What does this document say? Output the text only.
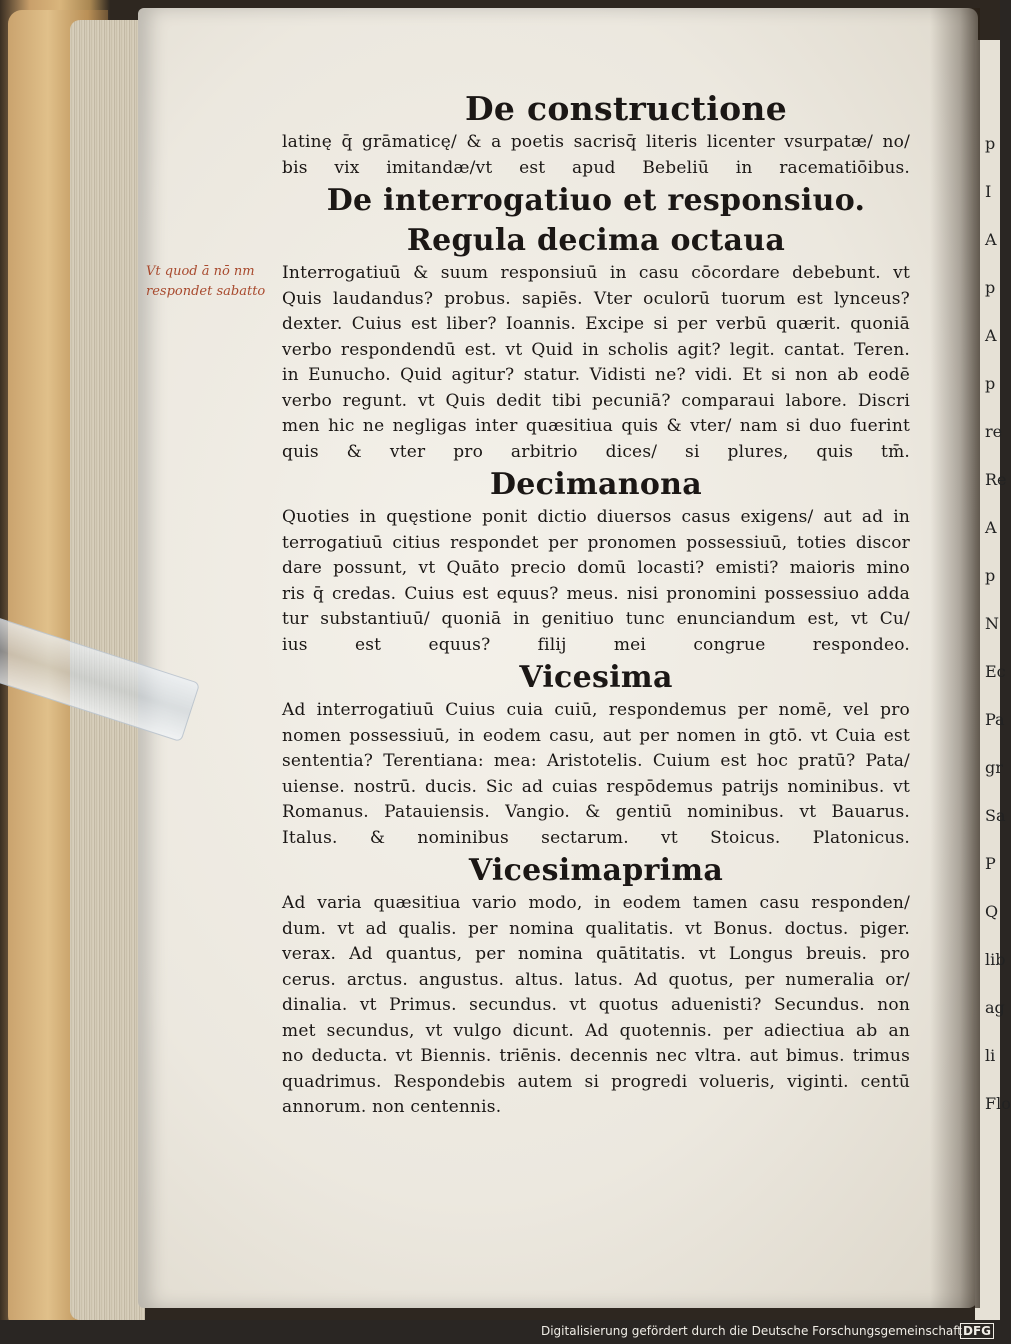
p
I
A
p
A
p
re
Re
A
p
N
Ec
Pa
gr
Sa
P
Q
lib
ag
li
Flo
Vt quod ā nō nm
respondet sabatto
De constructione

latinę q̄ grāmaticę/ & a poetis sacrisq̄ literis licenter vsurpatæ/ no/
bis vix imitandæ/vt est apud Bebeliū in racematiōibus.

De interrogatiuo et responsiuo.
Regula decima octaua

Interrogatiuū & suum responsiuū in casu cōcordare debebunt. vt
Quis laudandus? probus. sapiēs. Vter oculorū tuorum est lynceus?
dexter. Cuius est liber? Ioannis. Excipe si per verbū quærit. quoniā
verbo respondendū est. vt Quid in scholis agit? legit. cantat. Teren.
in Eunucho. Quid agitur? statur. Vidisti ne? vidi. Et si non ab eodē
verbo regunt. vt Quis dedit tibi pecuniā? comparaui labore. Discri
men hic ne negligas inter quæsitiua quis & vter/ nam si duo fuerint
quis & vter pro arbitrio dices/ si plures, quis tm̄.

Decimanona

Quoties in quęstione ponit dictio diuersos casus exigens/ aut ad in
terrogatiuū citius respondet per pronomen possessiuū, toties discor
dare possunt, vt Quāto precio domū locasti? emisti? maioris mino
ris q̄ credas. Cuius est equus? meus. nisi pronomini possessiuo adda
tur substantiuū/ quoniā in genitiuo tunc enunciandum est, vt Cu/
ius est equus? filij mei congrue respondeo.

Vicesima

Ad interrogatiuū Cuius cuia cuiū, respondemus per nomē, vel pro
nomen possessiuū, in eodem casu, aut per nomen in gtō. vt Cuia est
sententia? Terentiana: mea: Aristotelis. Cuium est hoc pratū? Pata/
uiense. nostrū. ducis. Sic ad cuias respōdemus patrijs nominibus. vt
Romanus. Patauiensis. Vangio. & gentiū nominibus. vt Bauarus.
Italus. & nominibus sectarum. vt Stoicus. Platonicus.

Vicesimaprima

Ad varia quæsitiua vario modo, in eodem tamen casu responden/
dum. vt ad qualis. per nomina qualitatis. vt Bonus. doctus. piger.
verax. Ad quantus, per nomina quātitatis. vt Longus breuis. pro
cerus. arctus. angustus. altus. latus. Ad quotus, per numeralia or/
dinalia. vt Primus. secundus. vt quotus aduenisti? Secundus. non
met secundus, vt vulgo dicunt. Ad quotennis. per adiectiua ab an
no deducta. vt Biennis. triēnis. decennis nec vltra. aut bimus. trimus
quadrimus. Respondebis autem si progredi volueris, viginti. centū
annorum. non centennis.

Digitalisierung gefördert durch die Deutsche Forschungsgemeinschaft DFG
